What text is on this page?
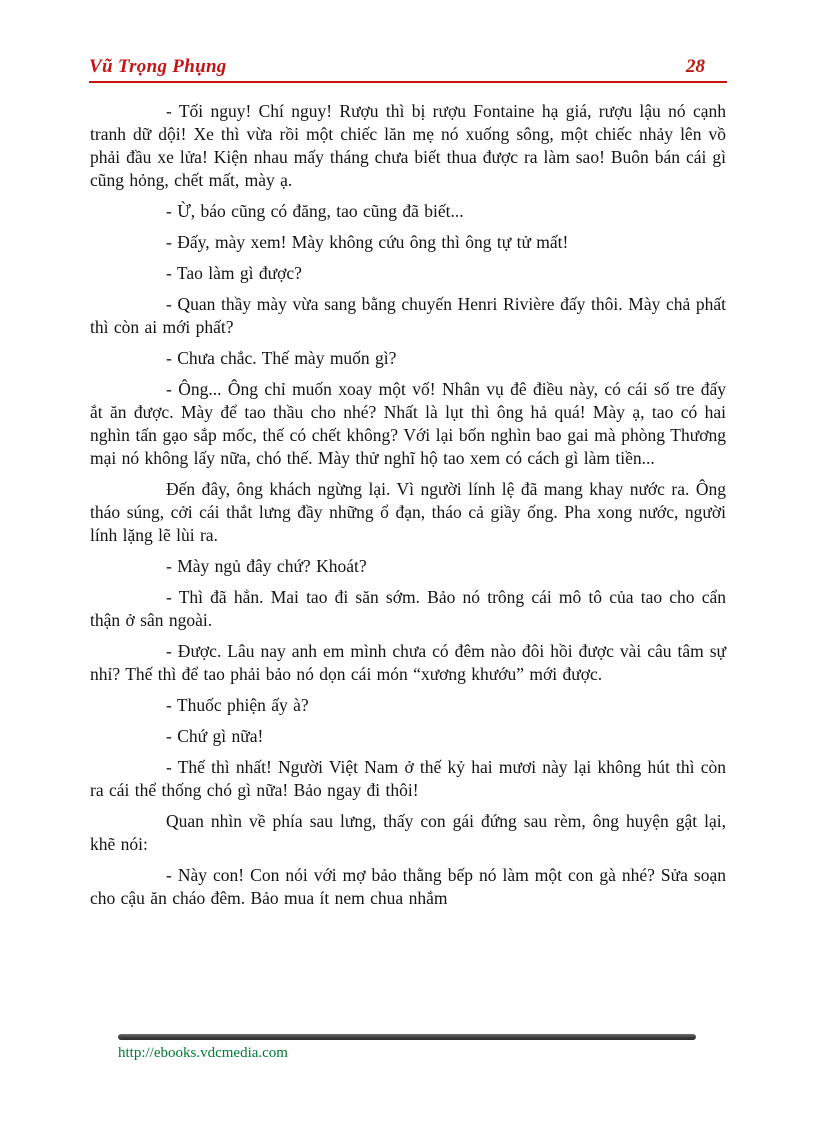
Vũ Trọng Phụng	28

- Tối nguy! Chí nguy! Rượu thì bị rượu Fontaine hạ giá, rượu lậu nó cạnh tranh dữ dội! Xe thì vừa rồi một chiếc lăn mẹ nó xuống sông, một chiếc nhảy lên vồ phải đầu xe lửa! Kiện nhau mấy tháng chưa biết thua được ra làm sao! Buôn bán cái gì cũng hỏng, chết mất, mày ạ.

- Ừ, báo cũng có đăng, tao cũng đã biết...

- Đấy, mày xem! Mày không cứu ông thì ông tự tử mất!

- Tao làm gì được?

- Quan thầy mày vừa sang bằng chuyến Henri Rivière đấy thôi. Mày chả phất thì còn ai mới phất?

- Chưa chắc. Thế mày muốn gì?

- Ông... Ông chỉ muốn xoay một vố! Nhân vụ đê điều này, có cái số tre đấy ắt ăn được. Mày để tao thầu cho nhé? Nhất là lụt thì ông hả quá! Mày ạ, tao có hai nghìn tấn gạo sắp mốc, thế có chết không? Với lại bốn nghìn bao gai mà phòng Thương mại nó không lấy nữa, chó thế. Mày thử nghĩ hộ tao xem có cách gì làm tiền...

Đến đây, ông khách ngừng lại. Vì người lính lệ đã mang khay nước ra. Ông tháo súng, cởi cái thắt lưng đầy những ổ đạn, tháo cả giầy ống. Pha xong nước, người lính lặng lẽ lùi ra.

- Mày ngủ đây chứ? Khoát?

- Thì đã hẳn. Mai tao đi săn sớm. Bảo nó trông cái mô tô của tao cho cẩn thận ở sân ngoài.

- Được. Lâu nay anh em mình chưa có đêm nào đôi hồi được vài câu tâm sự nhỉ? Thế thì để tao phải bảo nó dọn cái món “xương khướu” mới được.

- Thuốc phiện ấy à?

- Chứ gì nữa!

- Thế thì nhất! Người Việt Nam ở thế kỷ hai mươi này lại không hút thì còn ra cái thể thống chó gì nữa! Bảo ngay đi thôi!

Quan nhìn về phía sau lưng, thấy con gái đứng sau rèm, ông huyện gật lại, khẽ nói:

- Này con! Con nói với mợ bảo thằng bếp nó làm một con gà nhé? Sửa soạn cho cậu ăn cháo đêm. Bảo mua ít nem chua nhắm

http://ebooks.vdcmedia.com
